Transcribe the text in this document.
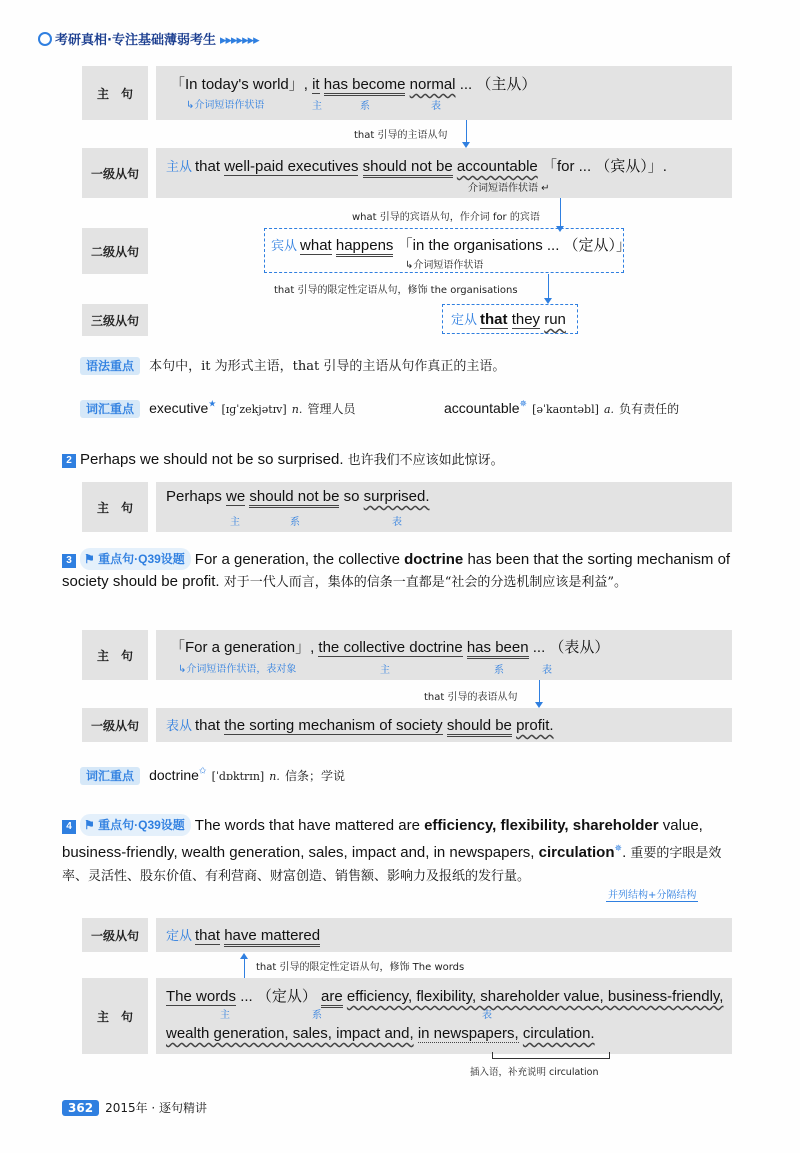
考研真相·专注基础薄弱考生 ▸▸▸▸▸▸▸
主　句
「In today's world」, it has become normal ... （主从）
↳介词短语作状语	主	系	表
that 引导的主语从句
一级从句	主从 that well-paid executives should not be accountable 「for ... （宾从）」.
介词短语作状语 ↵
what 引导的宾语从句，作介词 for 的宾语
二级从句	宾从 what happens 「in the organisations ... （定从）」
↳介词短语作状语
that 引导的限定性定语从句，修饰 the organisations
三级从句	定从 that they run
语法重点 本句中，it 为形式主语，that 引导的主语从句作真正的主语。
词汇重点 executive★ [ɪɡˈzekjətɪv] n. 管理人员	accountable✵ [əˈkaʊntəbl] a. 负有责任的
2 Perhaps we should not be so surprised. 也许我们不应该如此惊讶。
主　句
Perhaps we should not be so surprised.
主	系	表
3 ⚑ 重点句·Q39设题 For a generation, the collective doctrine has been that the sorting mechanism of society should be profit. 对于一代人而言，集体的信条一直都是“社会的分选机制应该是利益”。
主　句	「For a generation」, the collective doctrine has been ... （表从）
↳介词短语作状语，表对象	主	系	表
that 引导的表语从句
一级从句	表从 that the sorting mechanism of society should be profit.
词汇重点 doctrine✩ [ˈdɒktrɪn] n. 信条；学说
4 ⚑ 重点句·Q39设题 The words that have mattered are efficiency, flexibility, shareholder value, business-friendly, wealth generation, sales, impact and, in newspapers, circulation✵. 重要的字眼是效率、灵活性、股东价值、有利营商、财富创造、销售额、影响力及报纸的发行量。
并列结构+分隔结构
一级从句	定从 that have mattered
that 引导的限定性定语从句，修饰 The words
主　句
The words ... （定从） are efficiency, flexibility, shareholder value, business-friendly,
主	系	表
wealth generation, sales, impact and, in newspapers, circulation.
插入语，补充说明 circulation
362 2015年 · 逐句精讲
